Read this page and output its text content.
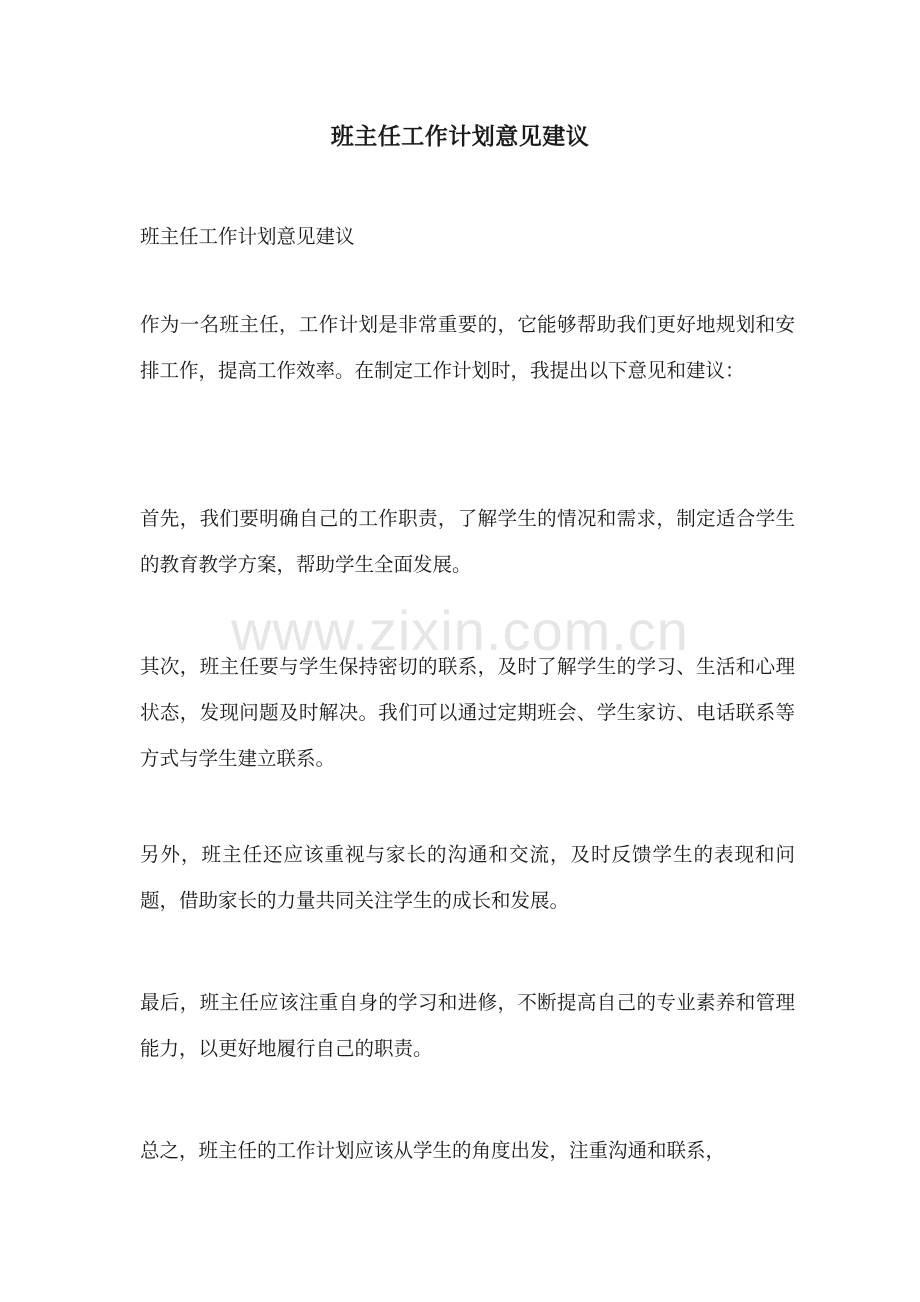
班主任工作计划意见建议

班主任工作计划意见建议

作为一名班主任，工作计划是非常重要的，它能够帮助我们更好地规划和安排工作，提高工作效率。在制定工作计划时，我提出以下意见和建议：

首先，我们要明确自己的工作职责，了解学生的情况和需求，制定适合学生的教育教学方案，帮助学生全面发展。

其次，班主任要与学生保持密切的联系，及时了解学生的学习、生活和心理状态，发现问题及时解决。我们可以通过定期班会、学生家访、电话联系等方式与学生建立联系。

另外，班主任还应该重视与家长的沟通和交流，及时反馈学生的表现和问题，借助家长的力量共同关注学生的成长和发展。

最后，班主任应该注重自身的学习和进修，不断提高自己的专业素养和管理能力，以更好地履行自己的职责。

总之，班主任的工作计划应该从学生的角度出发，注重沟通和联系，

www.zixin.com.cn
